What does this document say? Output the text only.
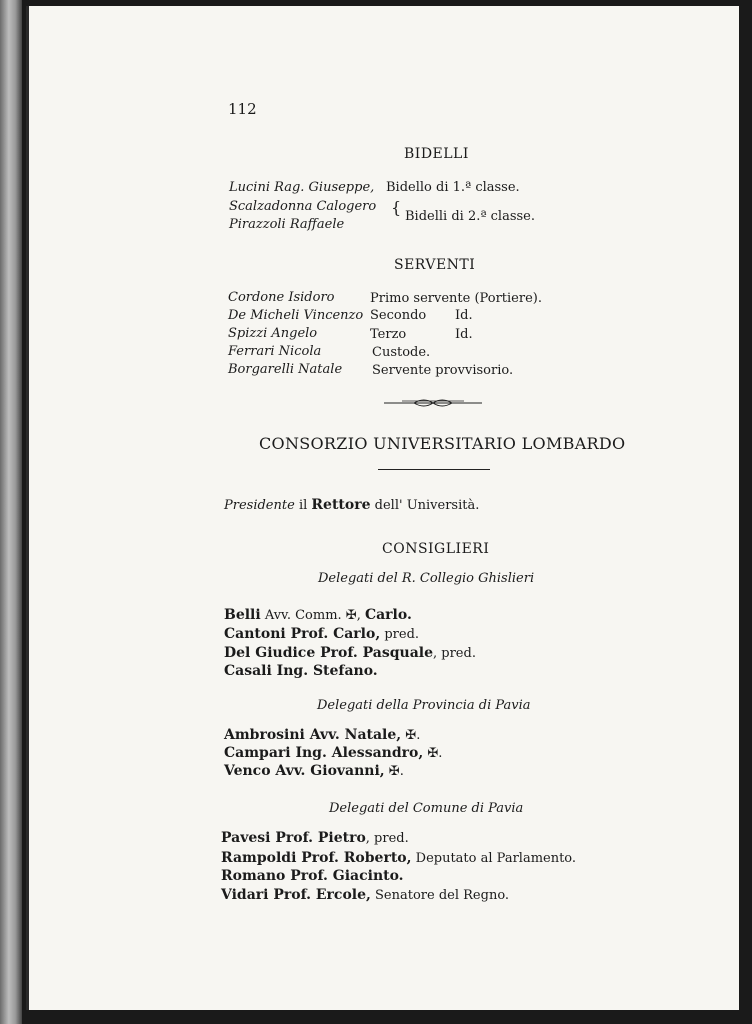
112
BIDELLI
Lucini Rag. Giuseppe, Bidello di 1.ª classe.
Scalzadonna Calogero
Pirazzoli Raffaele
{ Bidelli di 2.ª classe.
SERVENTI
Cordone Isidoro	Primo servente (Portiere).
De Micheli Vincenzo Secondo Id.
Spizzi Angelo	Terzo	Id.
Ferrari Nicola	Custode.
Borgarelli Natale Servente provvisorio.
CONSORZIO UNIVERSITARIO LOMBARDO
Presidente il Rettore dell' Università.
CONSIGLIERI
Delegati del R. Collegio Ghislieri
Belli Avv. Comm. ✠, Carlo.
Cantoni Prof. Carlo, pred.
Del Giudice Prof. Pasquale, pred.
Casali Ing. Stefano.
Delegati della Provincia di Pavia
Ambrosini Avv. Natale, ✠.
Campari Ing. Alessandro, ✠.
Venco Avv. Giovanni, ✠.
Delegati del Comune di Pavia
Pavesi Prof. Pietro, pred.
Rampoldi Prof. Roberto, Deputato al Parlamento.
Romano Prof. Giacinto.
Vidari Prof. Ercole, Senatore del Regno.
